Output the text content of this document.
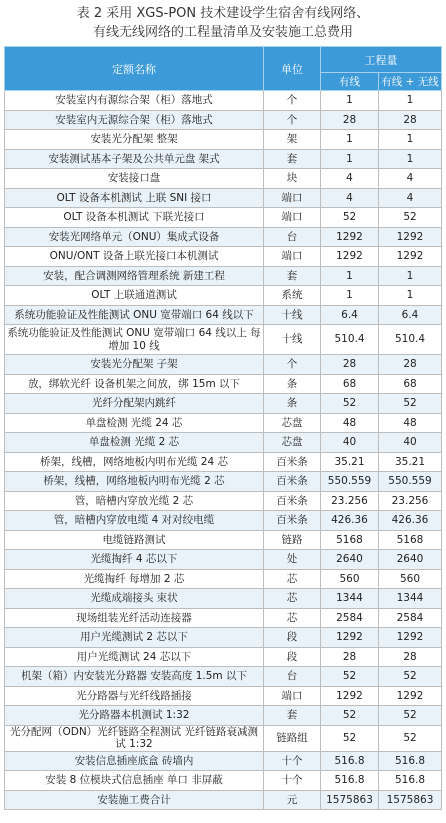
表 2 采用 XGS-PON 技术建设学生宿舍有线网络、
有线无线网络的工程量清单及安装施工总费用
定额名称	单位	工程量	
		有线	有线 + 无线
安装室内有源综合架（柜）落地式	个	1	1
安装室内无源综合架（柜）落地式	个	28	28
安装光分配架 整架	架	1	1
安装测试基本子架及公共单元盘 架式	套	1	1
安装接口盘	块	4	4
OLT 设备本机测试 上联 SNI 接口	端口	4	4
OLT 设备本机测试 下联光接口	端口	52	52
安装光网络单元（ONU）集成式设备	台	1292	1292
ONU/ONT 设备上联光接口本机测试	端口	1292	1292
安装，配合调测网络管理系统 新建工程	套	1	1
OLT 上联通道测试	系统	1	1
系统功能验证及性能测试 ONU 宽带端口 64 线以下	十线	6.4	6.4
系统功能验证及性能测试 ONU 宽带端口 64 线以上 每增加 10 线	十线	510.4	510.4
安装光分配架 子架	个	28	28
放，绑软光纤 设备机架之间放，绑 15m 以下	条	68	68
光纤分配架内跳纤	条	52	52
单盘检测 光缆 24 芯	芯盘	48	48
单盘检测 光缆 2 芯	芯盘	40	40
桥架，线槽，网络地板内明布光缆 24 芯	百米条	35.21	35.21
桥架，线槽，网络地板内明布光缆 2 芯	百米条	550.559	550.559
管，暗槽内穿放光缆 2 芯	百米条	23.256	23.256
管，暗槽内穿放电缆 4 对对绞电缆	百米条	426.36	426.36
电缆链路测试	链路	5168	5168
光缆掏纤 4 芯以下	处	2640	2640
光缆掏纤 每增加 2 芯	芯	560	560
光缆成端接头 束状	芯	1344	1344
现场组装光纤活动连接器	芯	2584	2584
用户光缆测试 2 芯以下	段	1292	1292
用户光缆测试 24 芯以下	段	28	28
机架（箱）内安装光分路器 安装高度 1.5m 以下	台	52	52
光分路器与光纤线路插接	端口	1292	1292
光分路器本机测试 1:32	套	52	52
光分配网（ODN）光纤链路全程测试 光纤链路衰减测试 1:32	链路组	52	52
安装信息插座底盒 砖墙内	十个	516.8	516.8
安装 8 位模块式信息插座 单口 非屏蔽	十个	516.8	516.8
安装施工费合计	元	1575863	1575863
